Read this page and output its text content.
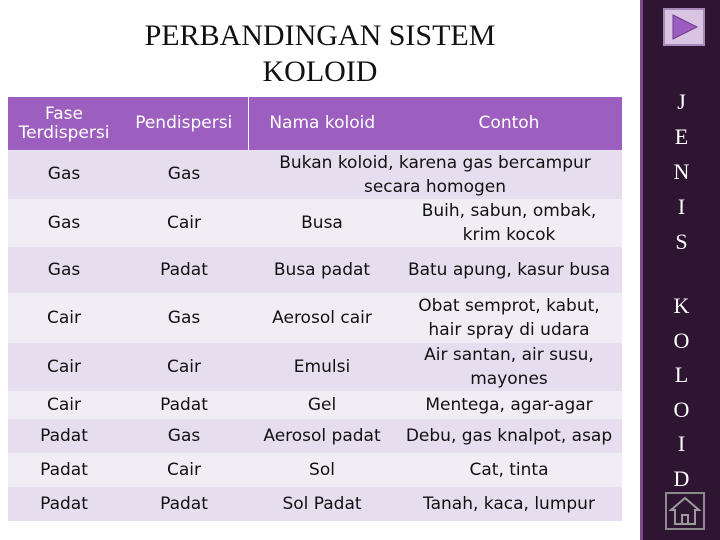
PERBANDINGAN SISTEM
KOLOID
Fase
Terdispersi	Pendispersi	Nama koloid	Contoh
Gas	Gas	Bukan koloid, karena gas bercampur
secara homogen	

Gas	Cair	Busa	Buih, sabun, ombak,
krim kocok

Gas	Padat	Busa padat	Batu apung, kasur busa
Cair	Gas	Aerosol cair	Obat semprot, kabut,
hair spray di udara

Cair	Cair	Emulsi	Air santan, air susu,
mayones

Cair	Padat	Gel	Mentega, agar-agar
Padat	Gas	Aerosol padat	Debu, gas knalpot, asap
Padat	Cair	Sol	Cat, tinta
Padat	Padat	Sol Padat	Tanah, kaca, lumpur
J
E
N
I
S
K
O
L
O
I
D
